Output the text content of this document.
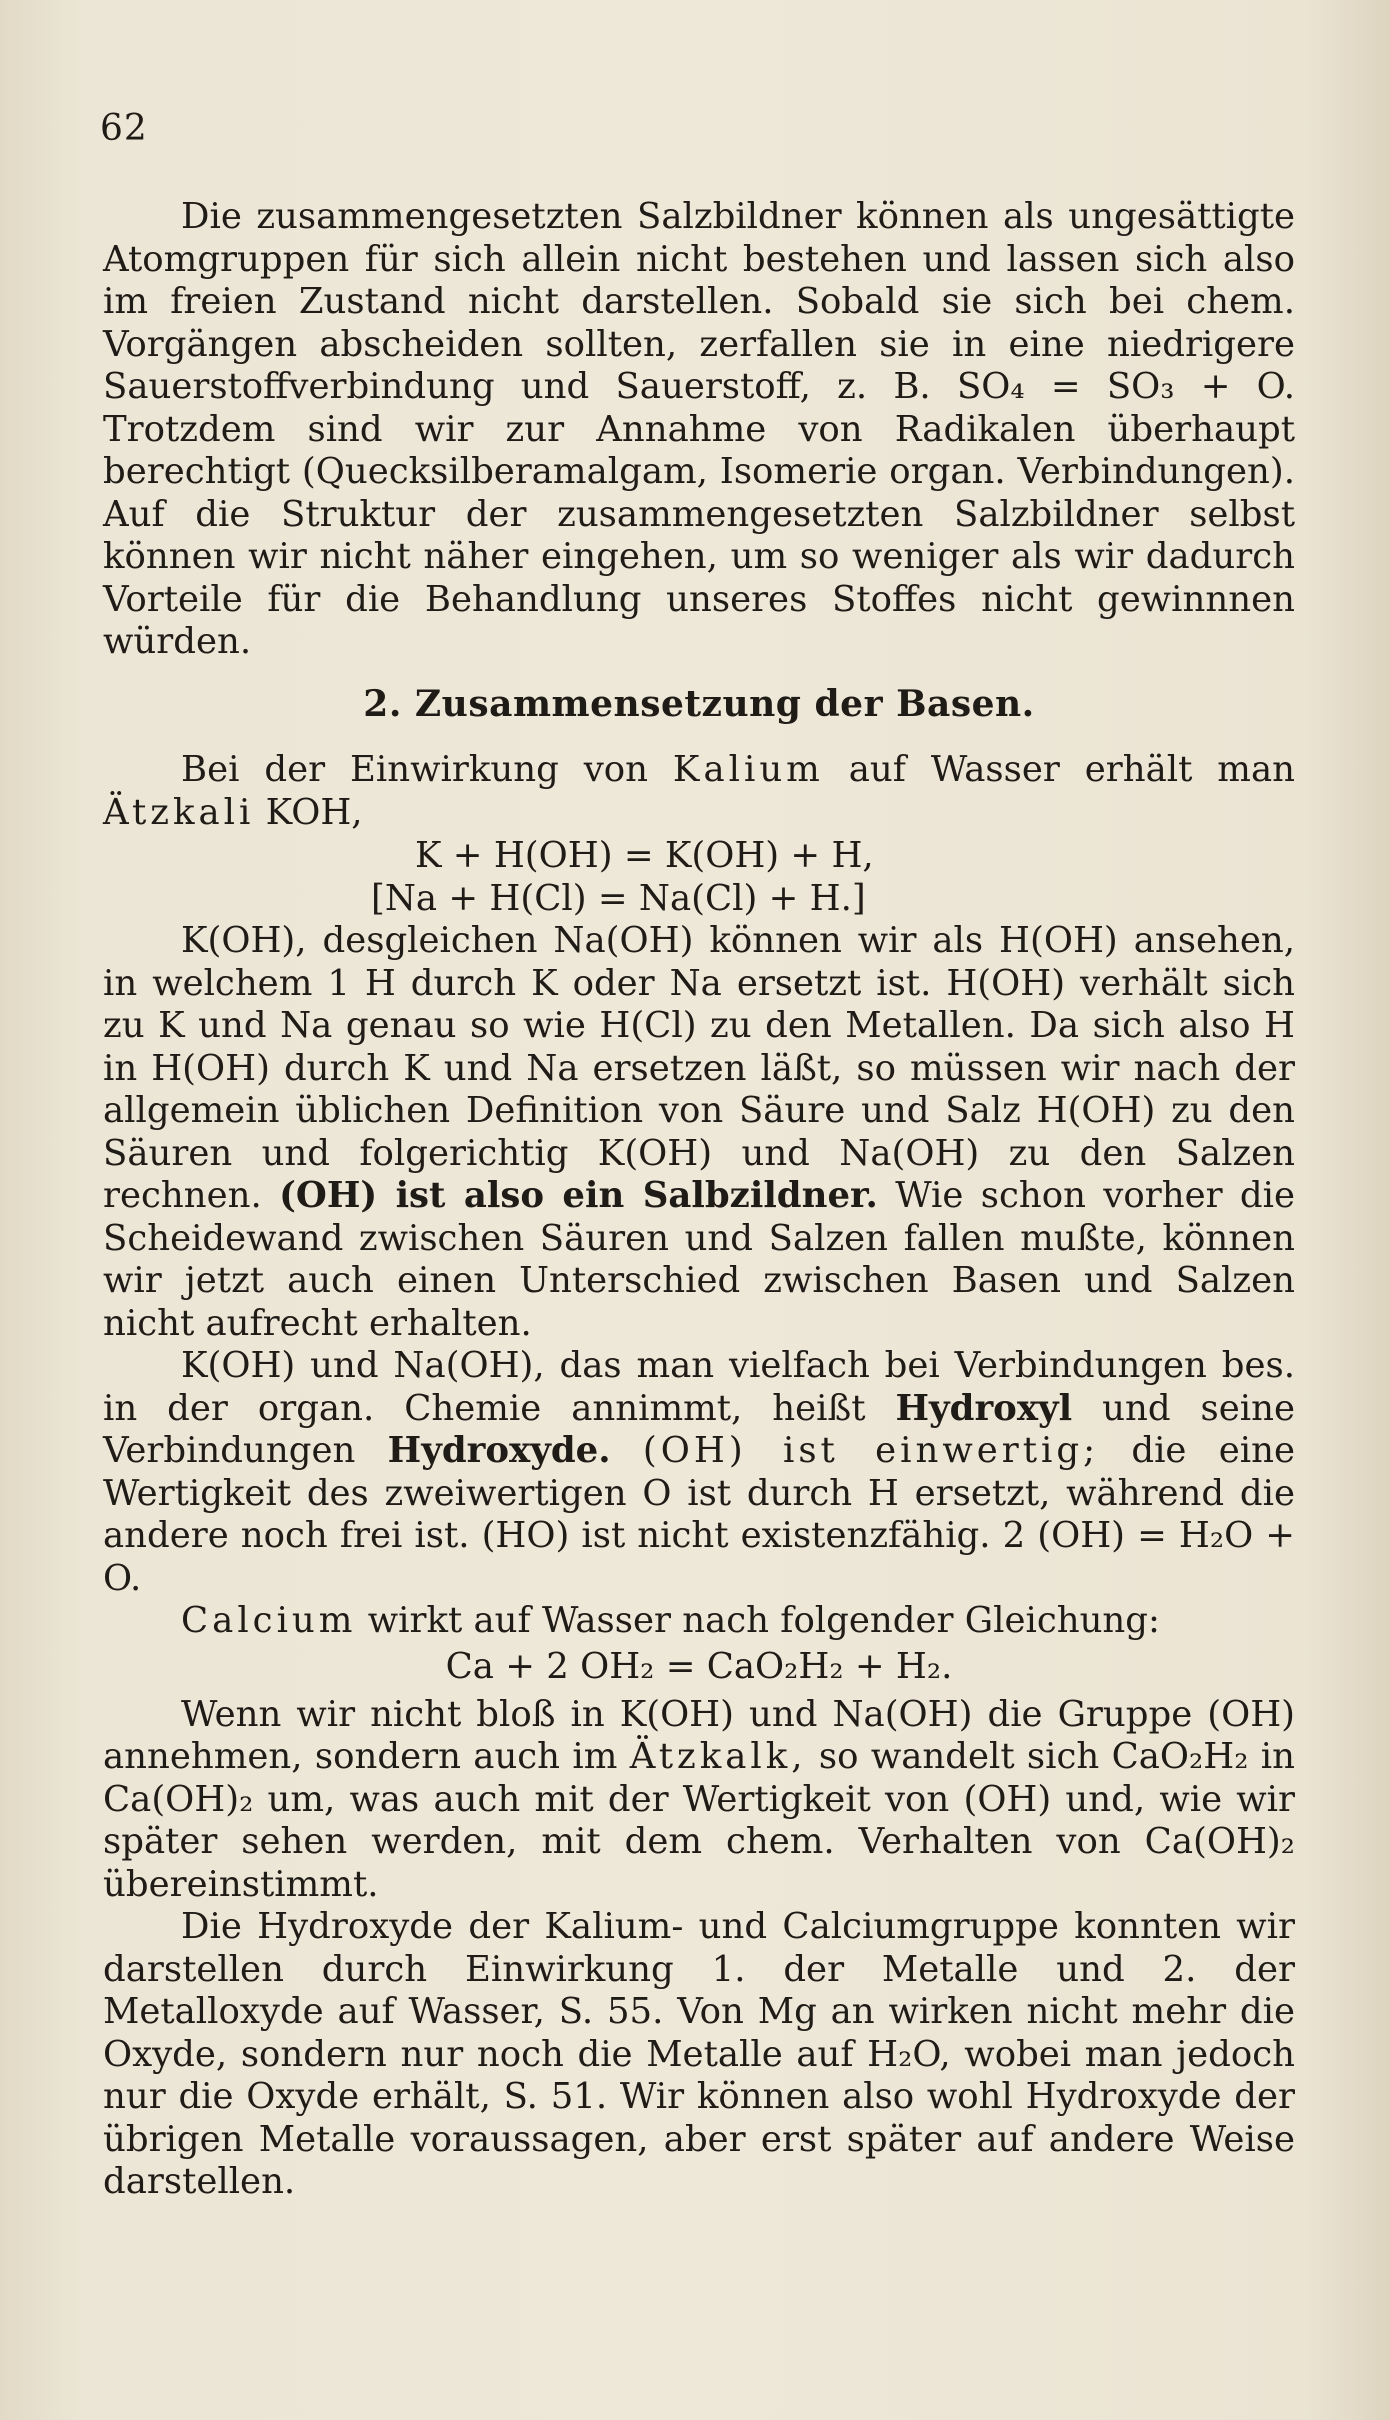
62

Die zusammengesetzten Salzbildner können als ungesättigte Atomgruppen für sich allein nicht bestehen und lassen sich also im freien Zustand nicht darstellen. Sobald sie sich bei chem. Vorgängen abscheiden sollten, zerfallen sie in eine niedrigere Sauerstoffverbindung und Sauerstoff, z. B. SO₄ = SO₃ + O. Trotzdem sind wir zur Annahme von Radikalen überhaupt berechtigt (Quecksilberamalgam, Isomerie organ. Verbindungen). Auf die Struktur der zusammengesetzten Salzbildner selbst können wir nicht näher eingehen, um so weniger als wir dadurch Vorteile für die Behandlung unseres Stoffes nicht gewinnnen würden.

2. Zusammensetzung der Basen.

Bei der Einwirkung von Kalium auf Wasser erhält man Ätzkali KOH,

K + H(OH) = K(OH) + H,
[Na + H(Cl) = Na(Cl) + H.]

K(OH), desgleichen Na(OH) können wir als H(OH) ansehen, in welchem 1 H durch K oder Na ersetzt ist. H(OH) verhält sich zu K und Na genau so wie H(Cl) zu den Metallen. Da sich also H in H(OH) durch K und Na ersetzen läßt, so müssen wir nach der allgemein üblichen Definition von Säure und Salz H(OH) zu den Säuren und folgerichtig K(OH) und Na(OH) zu den Salzen rechnen. (OH) ist also ein Salbzildner. Wie schon vorher die Scheidewand zwischen Säuren und Salzen fallen mußte, können wir jetzt auch einen Unterschied zwischen Basen und Salzen nicht aufrecht erhalten.

K(OH) und Na(OH), das man vielfach bei Verbindungen bes. in der organ. Chemie annimmt, heißt Hydroxyl und seine Verbindungen Hydroxyde. (OH) ist einwertig; die eine Wertigkeit des zweiwertigen O ist durch H ersetzt, während die andere noch frei ist. (HO) ist nicht existenzfähig. 2 (OH) = H₂O + O.

Calcium wirkt auf Wasser nach folgender Gleichung:

Ca + 2 OH₂ = CaO₂H₂ + H₂.

Wenn wir nicht bloß in K(OH) und Na(OH) die Gruppe (OH) annehmen, sondern auch im Ätzkalk, so wandelt sich CaO₂H₂ in Ca(OH)₂ um, was auch mit der Wertigkeit von (OH) und, wie wir später sehen werden, mit dem chem. Verhalten von Ca(OH)₂ übereinstimmt.

Die Hydroxyde der Kalium- und Calciumgruppe konnten wir darstellen durch Einwirkung 1. der Metalle und 2. der Metalloxyde auf Wasser, S. 55. Von Mg an wirken nicht mehr die Oxyde, sondern nur noch die Metalle auf H₂O, wobei man jedoch nur die Oxyde erhält, S. 51. Wir können also wohl Hydroxyde der übrigen Metalle voraussagen, aber erst später auf andere Weise darstellen.
